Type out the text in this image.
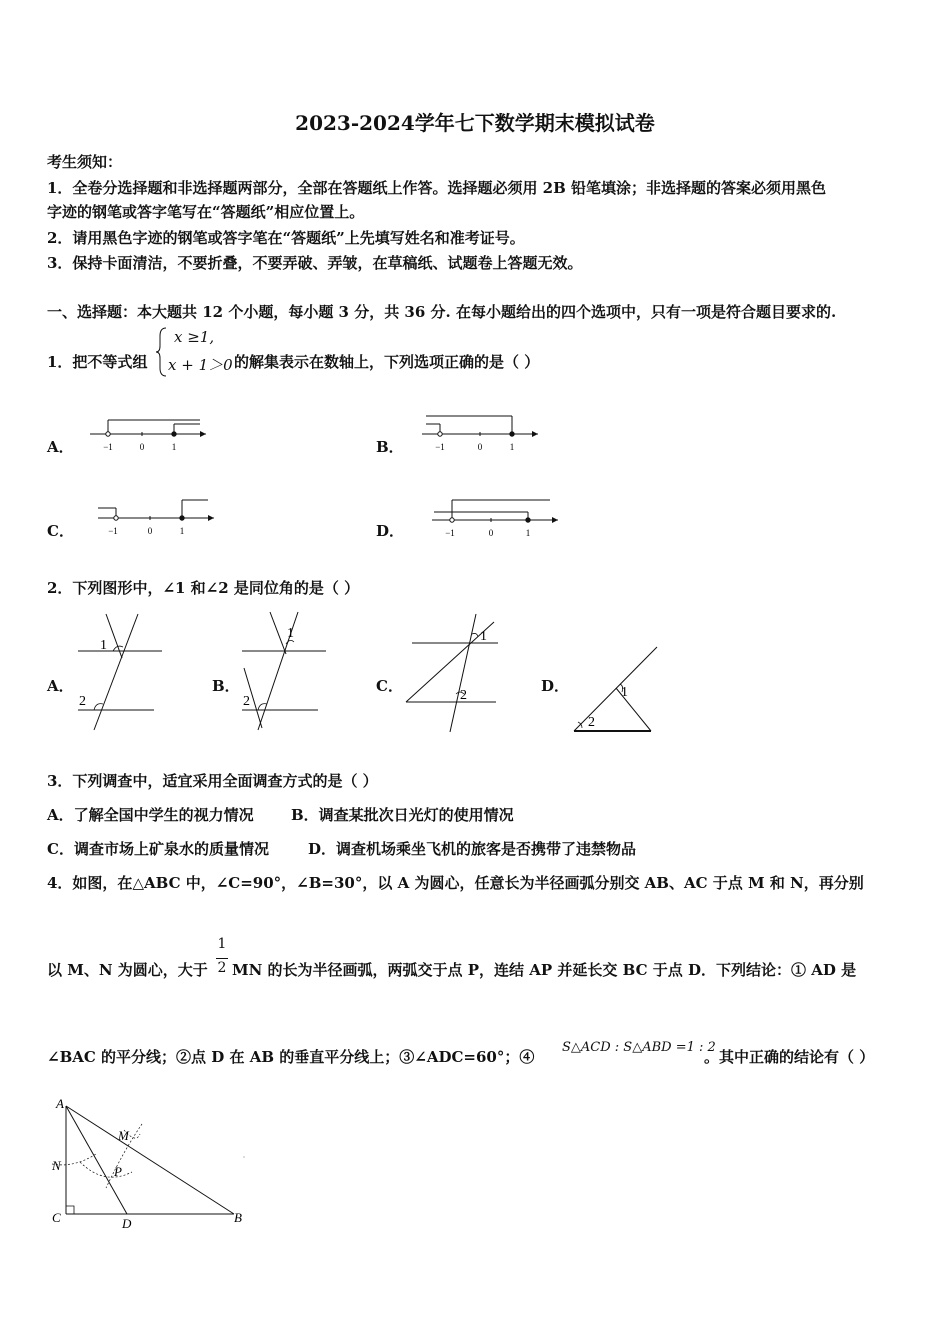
2023-2024学年七下数学期末模拟试卷
考生须知：
1．全卷分选择题和非选择题两部分，全部在答题纸上作答。选择题必须用 2B 铅笔填涂；非选择题的答案必须用黑色
字迹的钢笔或答字笔写在“答题纸”相应位置上。
2．请用黑色字迹的钢笔或答字笔在“答题纸”上先填写姓名和准考证号。
3．保持卡面清洁，不要折叠，不要弄破、弄皱，在草稿纸、试题卷上答题无效。
一、选择题：本大题共 12 个小题，每小题 3 分，共 36 分. 在每小题给出的四个选项中，只有一项是符合题目要求的.
1．把不等式组
x ≥1,
x + 1＞0 的解集表示在数轴上，下列选项正确的是（ ）
A．	B．
C．	D．
−1	0	1	−1	0	1
−1	0	1	−1	0	1
2．下列图形中，∠1 和∠2 是同位角的是（ ）
A．	B．	C．	D．
1
2
1
2
1
2	1
2
3．下列调查中，适宜采用全面调查方式的是（ ）
A．了解全国中学生的视力情况 B．调查某批次日光灯的使用情况
C．调查市场上矿泉水的质量情况	D．调查机场乘坐飞机的旅客是否携带了违禁物品
4．如图，在△ABC 中，∠C=90°，∠B=30°，以 A 为圆心，任意长为半径画弧分别交 AB、AC 于点 M 和 N，再分别
以 M、N 为圆心，大于
1
2 MN 的长为半径画弧，两弧交于点 P，连结 AP 并延长交 BC 于点 D．下列结论：① AD 是
∠BAC 的平分线；②点 D 在 AB 的垂直平分线上；③∠ADC=60°；④
S△ACD : S△ABD =1 : 2
。其中正确的结论有（ ）
A
M
N	P
C	D	B
